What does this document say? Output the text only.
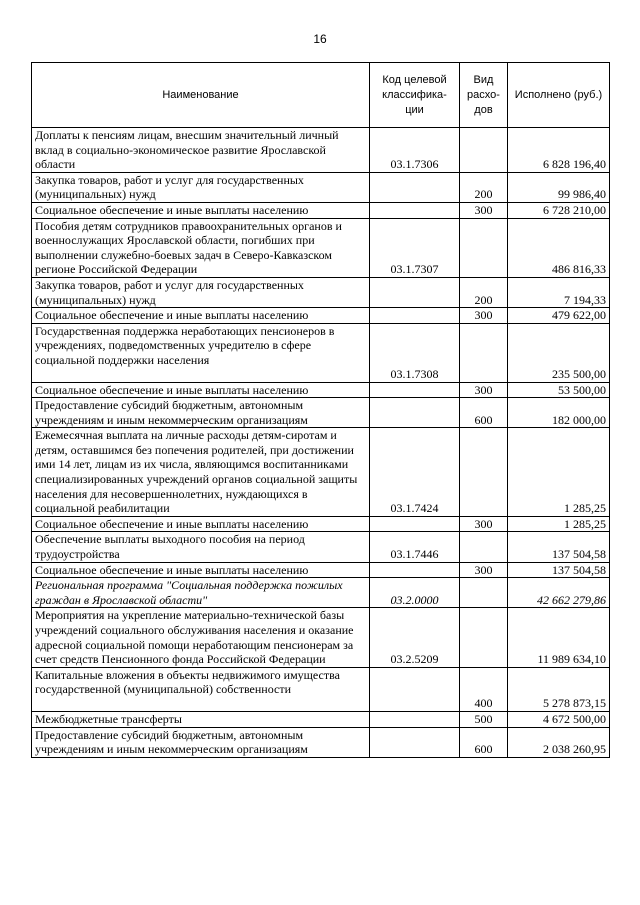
16
Наименование	Код целевой классифика-ции	Вид расхо-дов	Исполнено (руб.)
Доплаты к пенсиям лицам, внесшим значительный личный вклад в социально-экономическое развитие Ярославской области	03.1.7306		6 828 196,40
Закупка товаров, работ и услуг для государственных (муниципальных) нужд		200	99 986,40
Социальное обеспечение и иные выплаты населению		300	6 728 210,00
Пособия детям сотрудников правоохранительных органов и военнослужащих Ярославской области, погибших при выполнении служебно-боевых задач в Северо-Кавказском регионе Российской Федерации	03.1.7307		486 816,33
Закупка товаров, работ и услуг для государственных (муниципальных) нужд		200	7 194,33
Социальное обеспечение и иные выплаты населению		300	479 622,00
Государственная поддержка неработающих пенсионеров в учреждениях, подведомственных учредителю в сфере социальной поддержки населения	03.1.7308		235 500,00
Социальное обеспечение и иные выплаты населению		300	53 500,00
Предоставление субсидий бюджетным, автономным учреждениям и иным некоммерческим организациям		600	182 000,00
Ежемесячная выплата на личные расходы детям-сиротам и детям, оставшимся без попечения родителей, при достижении ими 14 лет, лицам из их числа, являющимся воспитанниками специализированных учреждений органов социальной защиты населения для несовершеннолетних, нуждающихся в социальной реабилитации	03.1.7424		1 285,25
Социальное обеспечение и иные выплаты населению		300	1 285,25
Обеспечение выплаты выходного пособия на период трудоустройства	03.1.7446		137 504,58
Социальное обеспечение и иные выплаты населению		300	137 504,58
Региональная программа "Социальная поддержка пожилых граждан в Ярославской области"	03.2.0000		42 662 279,86
Мероприятия на укрепление материально-технической базы учреждений социального обслуживания населения и оказание адресной социальной помощи неработающим пенсионерам за счет средств Пенсионного фонда Российской Федерации	03.2.5209		11 989 634,10
Капитальные вложения в объекты недвижимого имущества государственной (муниципальной) собственности		400	5 278 873,15
Межбюджетные трансферты		500	4 672 500,00
Предоставление субсидий бюджетным, автономным учреждениям и иным некоммерческим организациям		600	2 038 260,95
